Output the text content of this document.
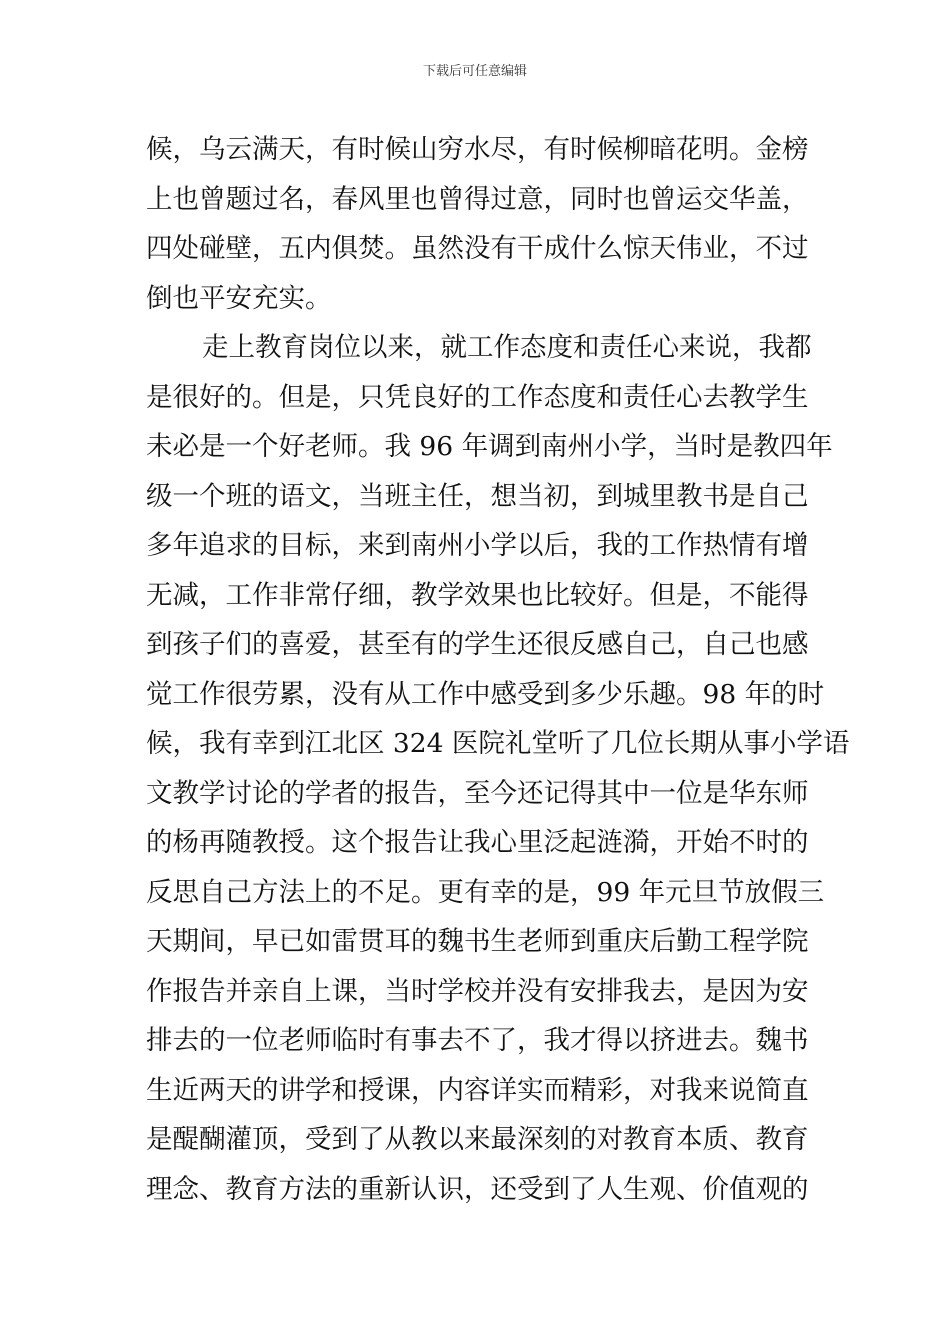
下载后可任意编辑

候，乌云满天，有时候山穷水尽，有时候柳暗花明。金榜
上也曾题过名，春风里也曾得过意，同时也曾运交华盖，
四处碰壁，五内俱焚。虽然没有干成什么惊天伟业，不过
倒也平安充实。

走上教育岗位以来，就工作态度和责任心来说，我都
是很好的。但是，只凭良好的工作态度和责任心去教学生
未必是一个好老师。我 96 年调到南州小学，当时是教四年
级一个班的语文，当班主任，想当初，到城里教书是自己
多年追求的目标，来到南州小学以后，我的工作热情有增
无减，工作非常仔细，教学效果也比较好。但是，不能得
到孩子们的喜爱，甚至有的学生还很反感自己，自己也感
觉工作很劳累，没有从工作中感受到多少乐趣。98 年的时
候，我有幸到江北区 324 医院礼堂听了几位长期从事小学语
文教学讨论的学者的报告，至今还记得其中一位是华东师
的杨再随教授。这个报告让我心里泛起涟漪，开始不时的
反思自己方法上的不足。更有幸的是，99 年元旦节放假三
天期间，早已如雷贯耳的魏书生老师到重庆后勤工程学院
作报告并亲自上课，当时学校并没有安排我去，是因为安
排去的一位老师临时有事去不了，我才得以挤进去。魏书
生近两天的讲学和授课，内容详实而精彩，对我来说简直
是醍醐灌顶，受到了从教以来最深刻的对教育本质、教育
理念、教育方法的重新认识，还受到了人生观、价值观的
